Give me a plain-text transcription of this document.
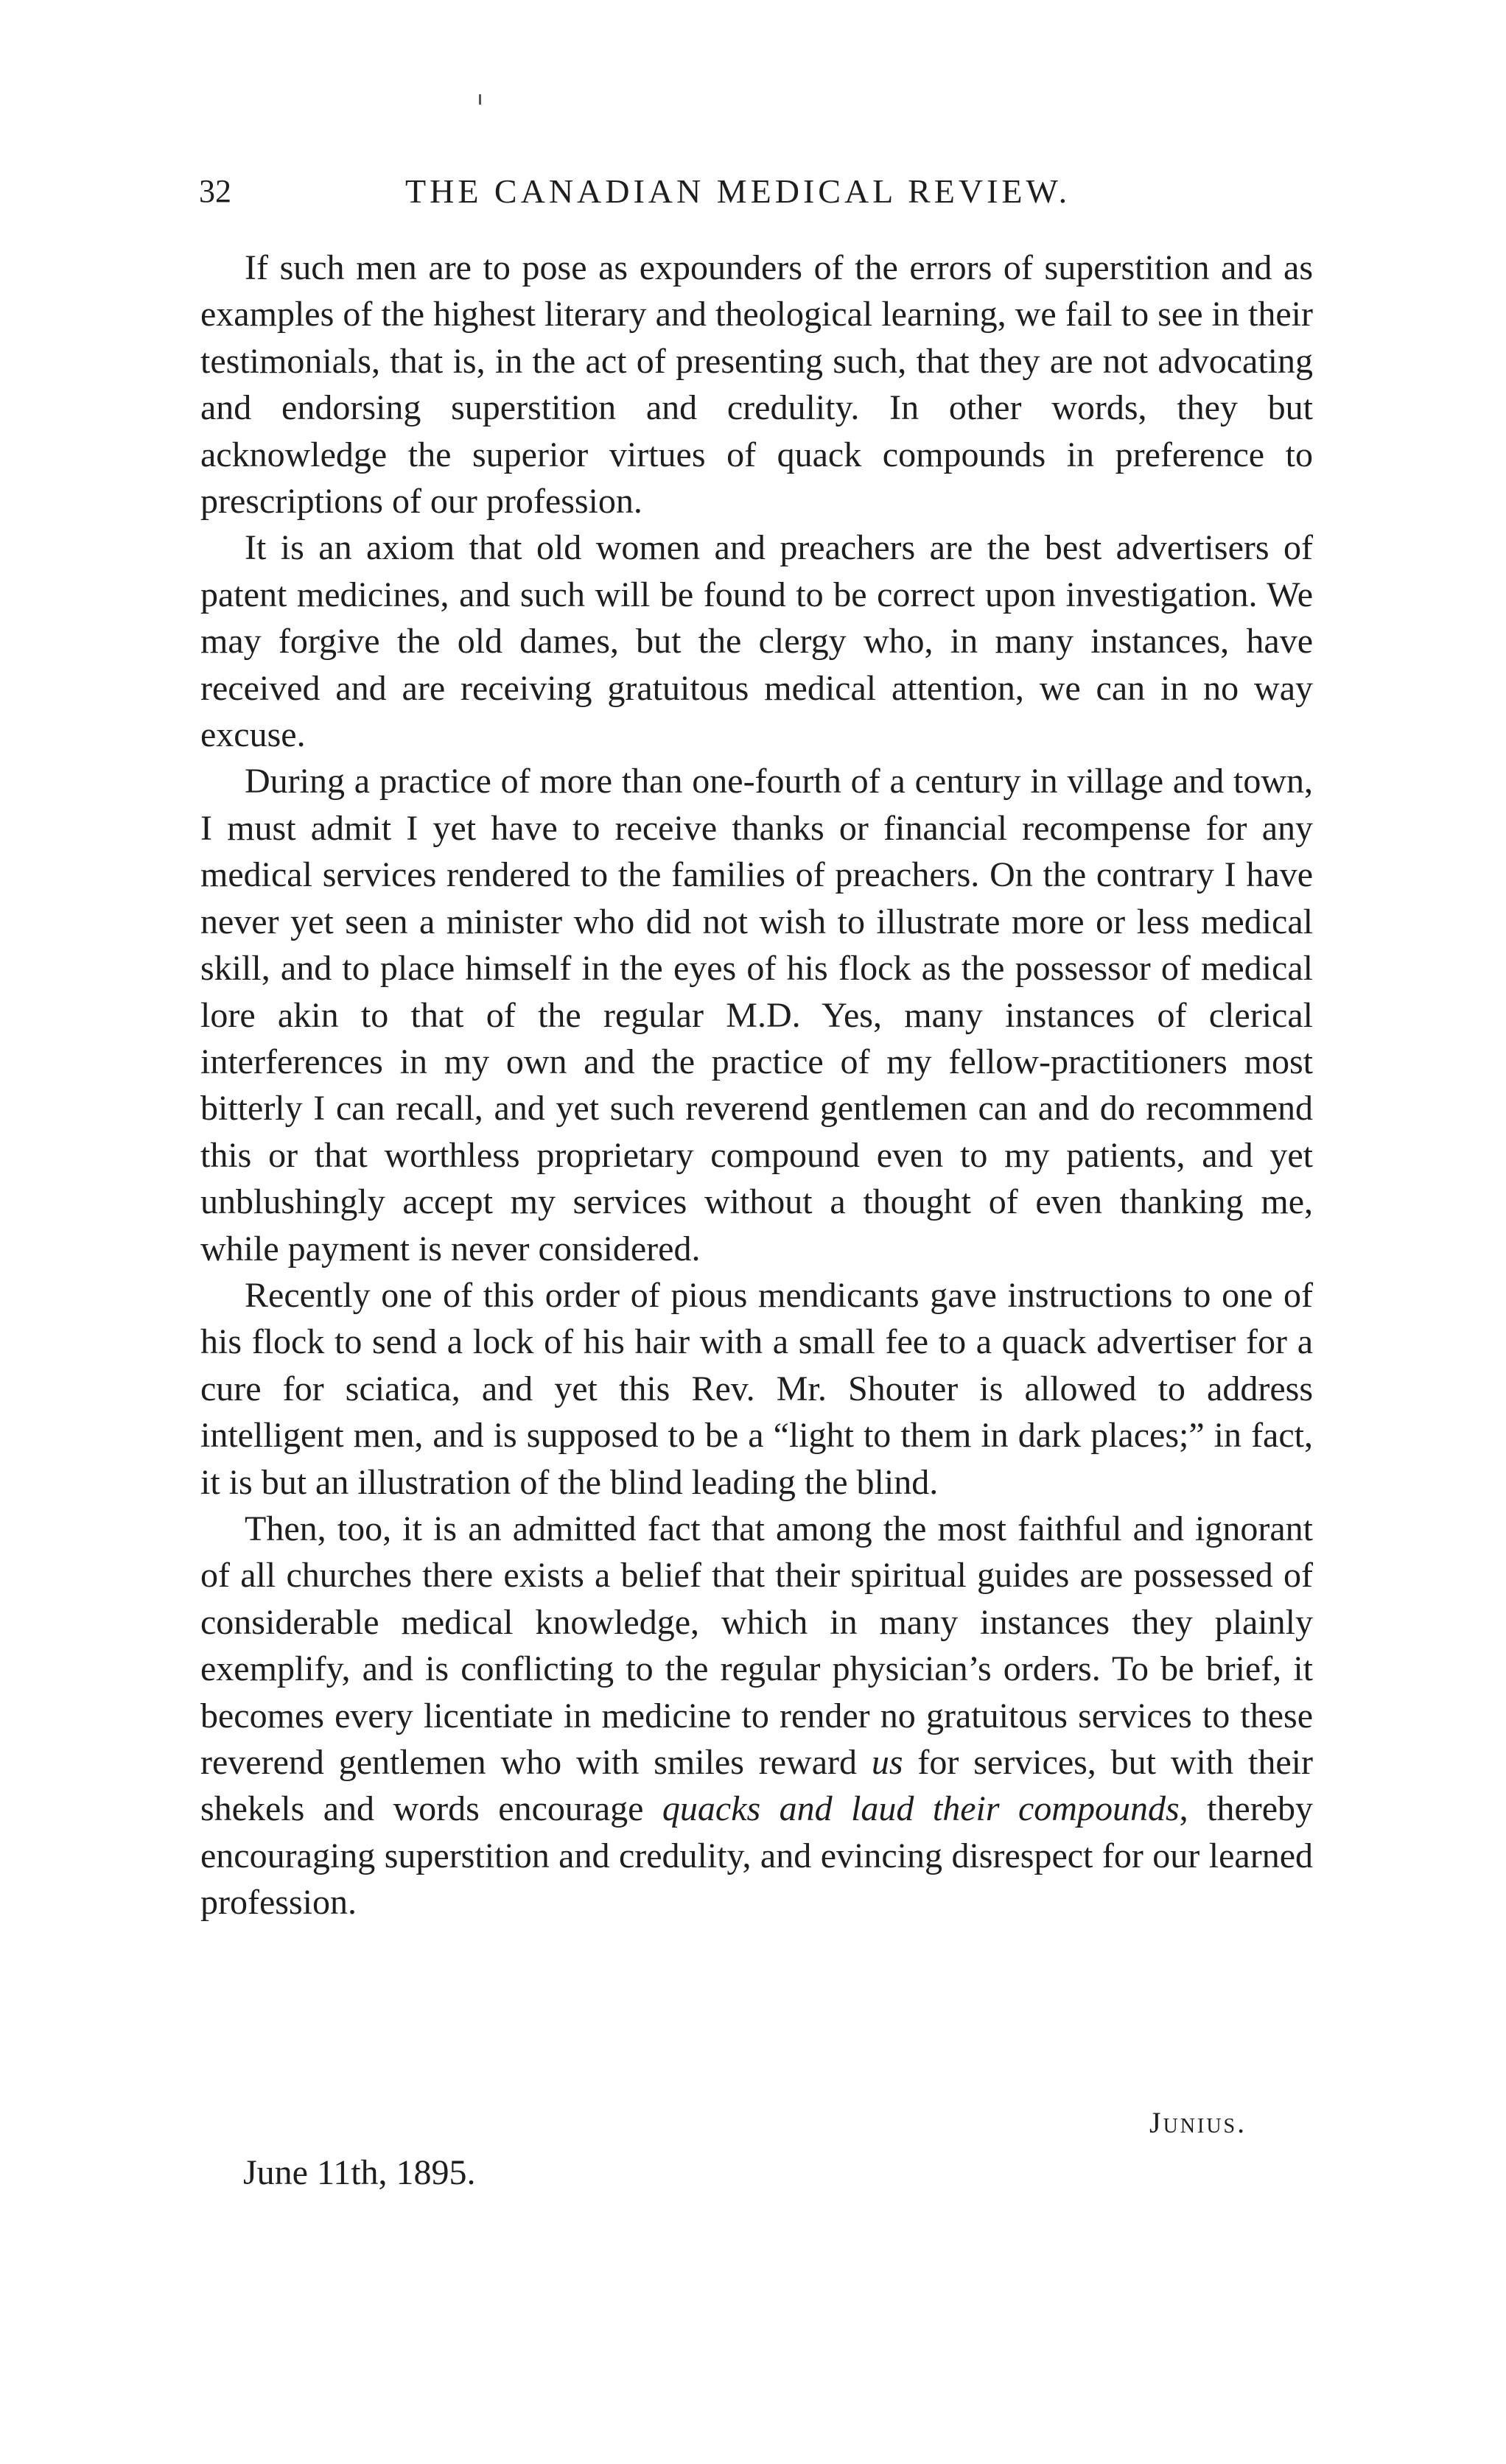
32	THE CANADIAN MEDICAL REVIEW.

If such men are to pose as expounders of the errors of superstition and as examples of the highest literary and theological learning, we fail to see in their testimonials, that is, in the act of presenting such, that they are not advocating and endorsing superstition and credulity. In other words, they but acknowledge the superior virtues of quack compounds in preference to prescriptions of our profession.

It is an axiom that old women and preachers are the best advertisers of patent medicines, and such will be found to be correct upon investigation. We may forgive the old dames, but the clergy who, in many instances, have received and are receiving gratuitous medical attention, we can in no way excuse.

During a practice of more than one-fourth of a century in village and town, I must admit I yet have to receive thanks or financial recompense for any medical services rendered to the families of preachers. On the contrary I have never yet seen a minister who did not wish to illustrate more or less medical skill, and to place himself in the eyes of his flock as the possessor of medical lore akin to that of the regular M.D. Yes, many instances of clerical interferences in my own and the practice of my fellow-practitioners most bitterly I can recall, and yet such reverend gentlemen can and do recommend this or that worthless proprietary compound even to my patients, and yet unblushingly accept my services without a thought of even thanking me, while payment is never considered.

Recently one of this order of pious mendicants gave instructions to one of his flock to send a lock of his hair with a small fee to a quack advertiser for a cure for sciatica, and yet this Rev. Mr. Shouter is allowed to address intelligent men, and is supposed to be a “light to them in dark places;” in fact, it is but an illustration of the blind leading the blind.

Then, too, it is an admitted fact that among the most faithful and ignorant of all churches there exists a belief that their spiritual guides are possessed of considerable medical knowledge, which in many instances they plainly exemplify, and is conflicting to the regular physician’s orders. To be brief, it becomes every licentiate in medicine to render no gratuitous services to these reverend gentlemen who with smiles reward us for services, but with their shekels and words encourage quacks and laud their compounds, thereby encouraging superstition and credulity, and evincing disrespect for our learned profession.

Junius.
June 11th, 1895.
